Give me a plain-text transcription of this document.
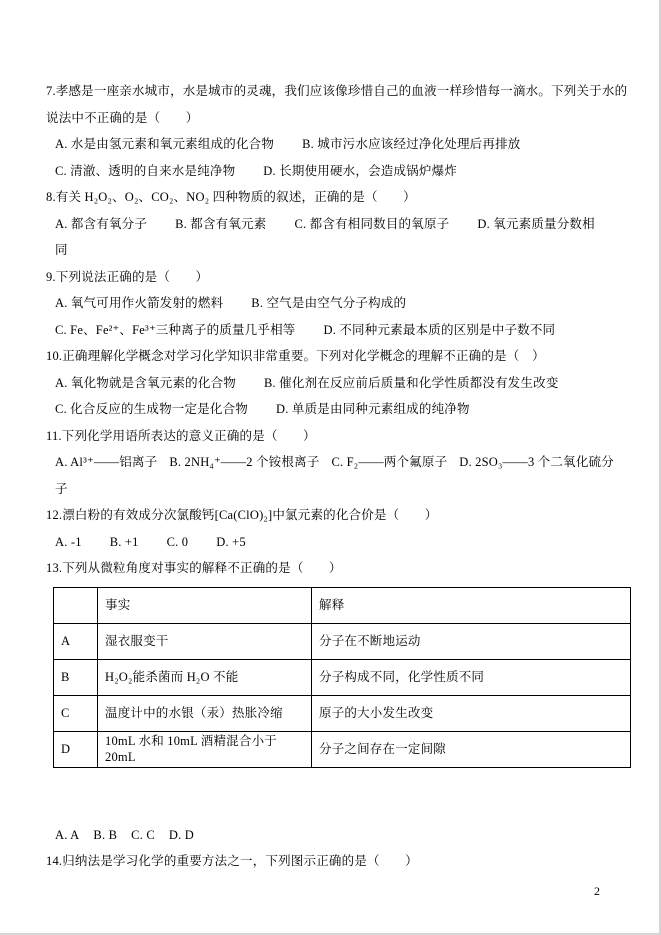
7.孝感是一座亲水城市，水是城市的灵魂，我们应该像珍惜自己的血液一样珍惜每一滴水。下列关于水的说法中不正确的是（　　）
A. 水是由氢元素和氧元素组成的化合物 B. 城市污水应该经过净化处理后再排放
C. 清澈、透明的自来水是纯净物 D. 长期使用硬水，会造成锅炉爆炸
8.有关 H₂O₂、O₂、CO₂、NO₂ 四种物质的叙述，正确的是（　　）
A. 都含有氧分子 B. 都含有氧元素 C. 都含有相同数目的氧原子 D. 氧元素质量分数相同
9.下列说法正确的是（　　）
A. 氧气可用作火箭发射的燃料 B. 空气是由空气分子构成的
C. Fe、Fe²⁺、Fe³⁺三种离子的质量几乎相等 D. 不同种元素最本质的区别是中子数不同
10.正确理解化学概念对学习化学知识非常重要。下列对化学概念的理解不正确的是（　）
A. 氧化物就是含氧元素的化合物 B. 催化剂在反应前后质量和化学性质都没有发生改变
C. 化合反应的生成物一定是化合物 D. 单质是由同种元素组成的纯净物
11.下列化学用语所表达的意义正确的是（　　）
A. Al³⁺——铝离子 B. 2NH₄⁺——2 个铵根离子 C. F₂——两个氟原子 D. 2SO₃——3 个二氧化硫分子
12.漂白粉的有效成分次氯酸钙[Ca(ClO)₂]中氯元素的化合价是（　　）
A. -1 B. +1 C. 0 D. +5
13.下列从微粒角度对事实的解释不正确的是（　　）
	事实	解释
A	湿衣服变干	分子在不断地运动
B	H₂O₂能杀菌而 H₂O 不能	分子构成不同，化学性质不同
C	温度计中的水银（汞）热胀冷缩	原子的大小发生改变
D	10mL 水和 10mL 酒精混合小于 20mL	分子之间存在一定间隙
A. A B. B C. C D. D
14.归纳法是学习化学的重要方法之一，下列图示正确的是（　　）
2
